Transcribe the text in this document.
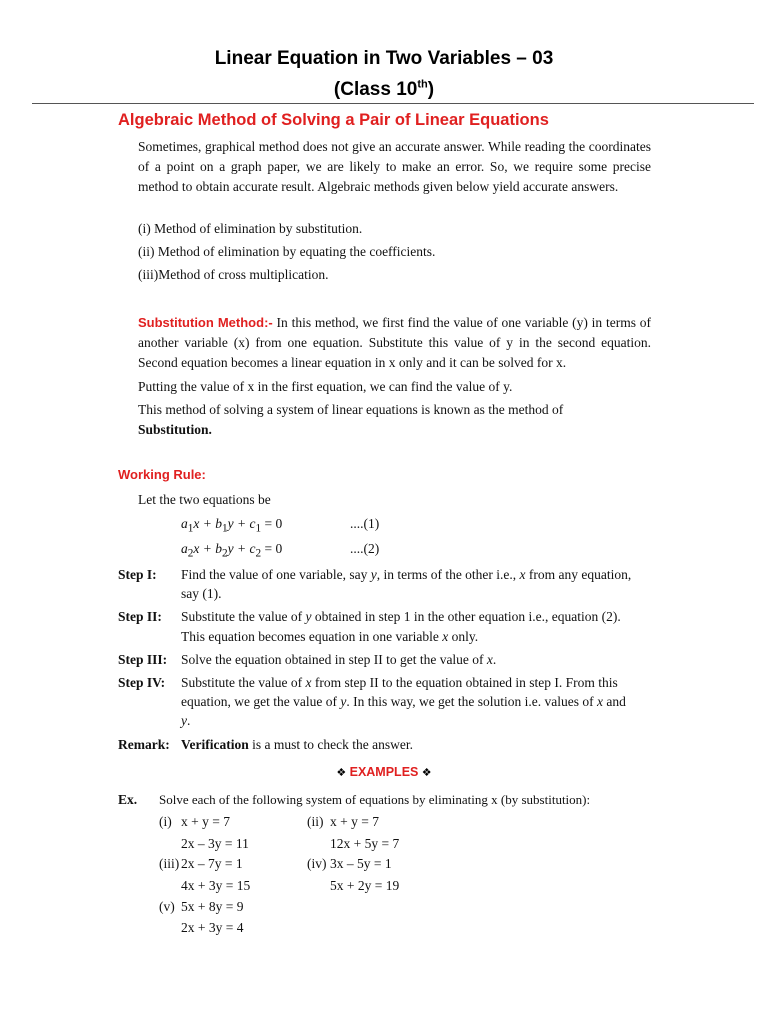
Linear Equation in Two Variables – 03
(Class 10th)
Algebraic Method of Solving a Pair of Linear Equations
Sometimes, graphical method does not give an accurate answer. While reading the coordinates of a point on a graph paper, we are likely to make an error. So, we require some precise method to obtain accurate result. Algebraic methods given below yield accurate answers.
(i) Method of elimination by substitution.
(ii) Method of elimination by equating the coefficients.
(iii)Method of cross multiplication.
Substitution Method:- In this method, we first find the value of one variable (y) in terms of another variable (x) from one equation. Substitute this value of y in the second equation. Second equation becomes a linear equation in x only and it can be solved for x.
Putting the value of x in the first equation, we can find the value of y.
This method of solving a system of linear equations is known as the method of
Substitution.
Working Rule:
Let the two equations be
$a_1x + b_1y + c_1 = 0$	....(1)
$a_2x + b_2y + c_2 = 0$	....(2)
Step I: Find the value of one variable, say y, in terms of the other i.e., x from any equation,
say (1).
Step II: Substitute the value of y obtained in step 1 in the other equation i.e., equation (2).
This equation becomes equation in one variable x only.
Step III: Solve the equation obtained in step II to get the value of x.
Step IV: Substitute the value of x from step II to the equation obtained in step I. From this
equation, we get the value of y. In this way, we get the solution i.e. values of x and
y.
Remark: Verification is a must to check the answer.
❖ EXAMPLES ❖
Ex. Solve each of the following system of equations by eliminating x (by substitution):
(i) x + y = 7
2x – 3y = 11
(ii) x + y = 7
12x + 5y = 7
(iii) 2x – 7y = 1
4x + 3y = 15
(iv) 3x – 5y = 1
5x + 2y = 19
(v) 5x + 8y = 9
2x + 3y = 4
